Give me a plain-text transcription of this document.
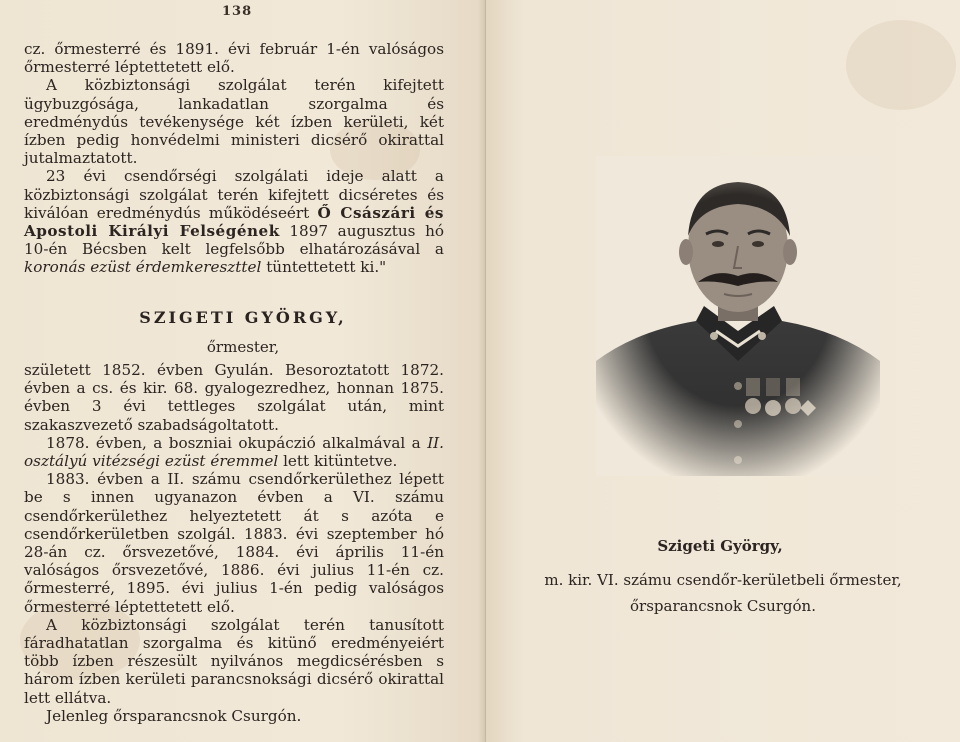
138

cz. őrmesterré és 1891. évi február 1-én valóságos őrmesterré léptettetett elő.

A közbiztonsági szolgálat terén kifejtett ügybuzgósága, lankadatlan szorgalma és eredménydús tevékenysége két ízben kerületi, két ízben pedig honvédelmi ministeri dicsérő okirattal jutalmaztatott.

23 évi csendőrségi szolgálati ideje alatt a közbiztonsági szolgálat terén kifejtett dicséretes és kiválóan eredménydús működéseért Ő Császári és Apostoli Királyi Felségének 1897 augusztus hó 10-én Bécsben kelt legfelsőbb elhatározásával a koronás ezüst érdemkereszttel tüntettetett ki."

SZIGETI GYÖRGY,
őrmester,

született 1852. évben Gyulán. Besoroztatott 1872. évben a cs. és kir. 68. gyalogezredhez, honnan 1875. évben 3 évi tettleges szolgálat után, mint szakaszvezető szabadságoltatott.

1878. évben, a boszniai okupáczió alkalmával a II. osztályú vitézségi ezüst éremmel lett kitüntetve.

1883. évben a II. számu csendőrkerülethez lépett be s innen ugyanazon évben a VI. számu csendőrkerülethez helyeztetett át s azóta e csendőrkerületben szolgál. 1883. évi szeptember hó 28-án cz. őrsvezetővé, 1884. évi április 11-én valóságos őrsvezetővé, 1886. évi julius 11-én cz. őrmesterré, 1895. évi julius 1-én pedig valóságos őrmesterré léptettetett elő.

A közbiztonsági szolgálat terén tanusított fáradhatatlan szorgalma és kitünő eredményeiért több ízben részesült nyilvános megdicsérésben s három ízben kerületi parancsnoksági dicsérő okirattal lett ellátva.

Jelenleg őrsparancsnok Csurgón.

Szigeti György,
m. kir. VI. számu csendőr-kerületbeli őrmester,
őrsparancsnok Csurgón.
